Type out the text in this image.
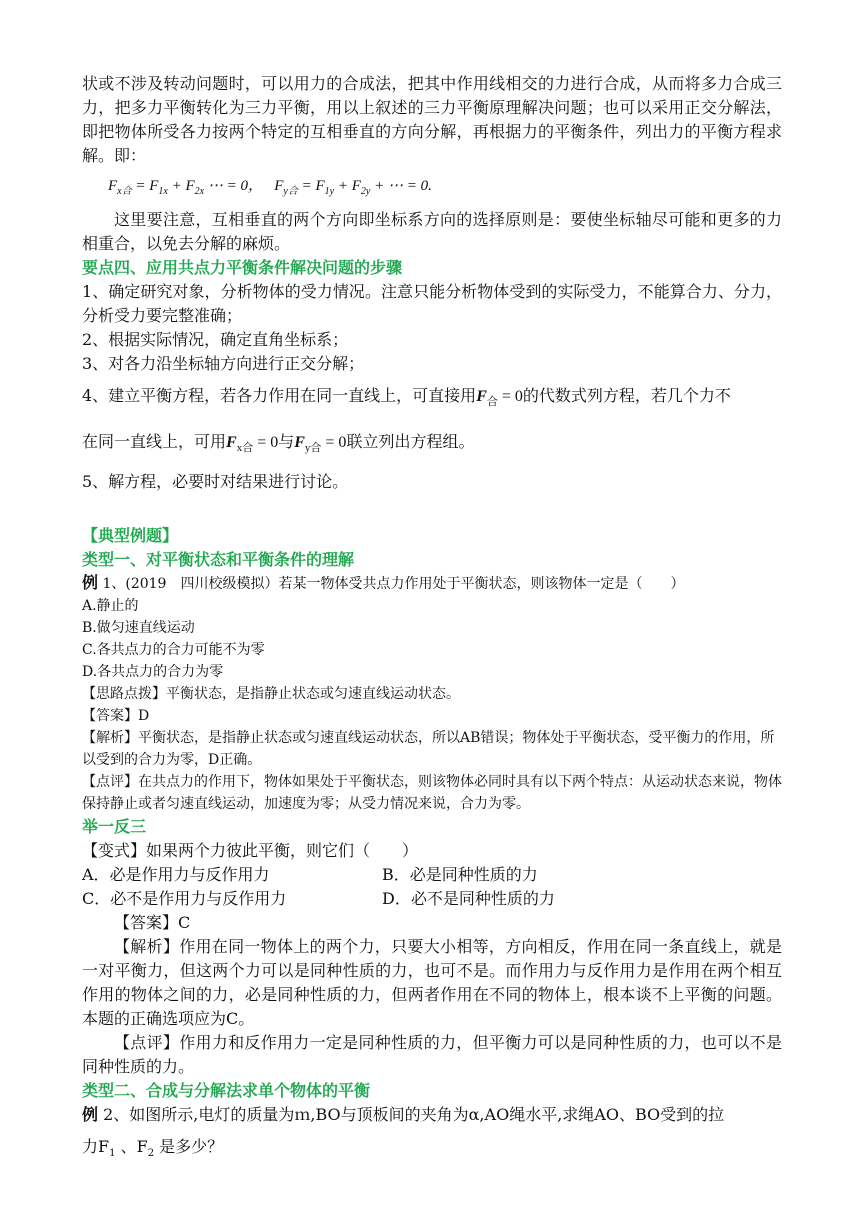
状或不涉及转动问题时，可以用力的合成法，把其中作用线相交的力进行合成，从而将多力合成三力，把多力平衡转化为三力平衡，用以上叙述的三力平衡原理解决问题；也可以采用正交分解法，即把物体所受各力按两个特定的互相垂直的方向分解，再根据力的平衡条件，列出力的平衡方程求解。即：

$F_{x合} = F_{1x} + F_{2x}$ ⋯ = 0， $F_{y合} = F_{1y} + F_{2y}$ + ⋯ = 0.

这里要注意，互相垂直的两个方向即坐标系方向的选择原则是：要使坐标轴尽可能和更多的力相重合，以免去分解的麻烦。

要点四、应用共点力平衡条件解决问题的步骤

1、确定研究对象，分析物体的受力情况。注意只能分析物体受到的实际受力，不能算合力、分力，分析受力要完整准确；

2、根据实际情况，确定直角坐标系；

3、对各力沿坐标轴方向进行正交分解；

4、建立平衡方程，若各力作用在同一直线上，可直接用$F_合 = 0$的代数式列方程，若几个力不

在同一直线上，可用$F_{x合} = 0$与$F_{y合} = 0$联立列出方程组。

5、解方程，必要时对结果进行讨论。

【典型例题】
类型一、对平衡状态和平衡条件的理解

例 1、(2019　四川校级模拟）若某一物体受共点力作用处于平衡状态，则该物体一定是（　　）

A.静止的

B.做匀速直线运动

C.各共点力的合力可能不为零

D.各共点力的合力为零

【思路点拨】平衡状态，是指静止状态或匀速直线运动状态。

【答案】D

【解析】平衡状态，是指静止状态或匀速直线运动状态，所以AB错误；物体处于平衡状态，受平衡力的作用，所以受到的合力为零，D正确。

【点评】在共点力的作用下，物体如果处于平衡状态，则该物体必同时具有以下两个特点：从运动状态来说，物体保持静止或者匀速直线运动，加速度为零；从受力情况来说，合力为零。

举一反三

【变式】如果两个力彼此平衡，则它们（　　）

A．必是作用力与反作用力	B．必是同种性质的力
C．必不是作用力与反作用力	D．必不是同种性质的力

【答案】C

【解析】作用在同一物体上的两个力，只要大小相等，方向相反，作用在同一条直线上，就是一对平衡力，但这两个力可以是同种性质的力，也可不是。而作用力与反作用力是作用在两个相互作用的物体之间的力，必是同种性质的力，但两者作用在不同的物体上，根本谈不上平衡的问题。本题的正确选项应为C。

【点评】作用力和反作用力一定是同种性质的力，但平衡力可以是同种性质的力，也可以不是同种性质的力。

类型二、合成与分解法求单个物体的平衡

例 2、如图所示,电灯的质量为ｍ,BO与顶板间的夹角为α,AO绳水平,求绳AO、BO受到的拉

力$F_1$ 、$F_2$ 是多少？
